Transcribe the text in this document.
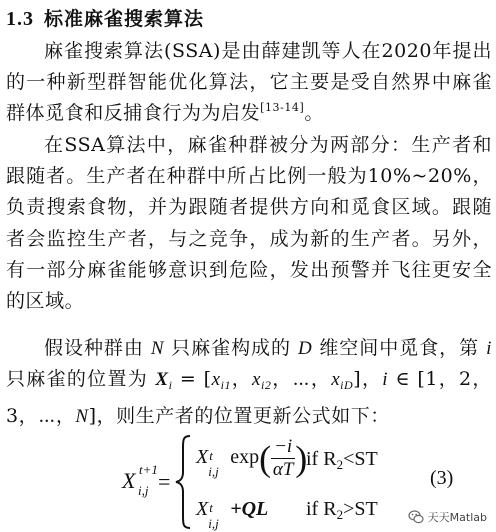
1.3 标准麻雀搜索算法
麻雀搜索算法(SSA)是由薛建凯等人在2020年提出的一种新型群智能优化算法，它主要是受自然界中麻雀群体觅食和反捕食行为为启发[13-14]。
在SSA算法中，麻雀种群被分为两部分：生产者和跟随者。生产者在种群中所占比例一般为10%~20%，负责搜索食物，并为跟随者提供方向和觅食区域。跟随者会监控生产者，与之竞争，成为新的生产者。另外，有一部分麻雀能够意识到危险，发出预警并飞往更安全的区域。
假设种群由 N 只麻雀构成的 D 维空间中觅食，第 i 只麻雀的位置为 $X_i = [x_{i1}$，$x_{i2}$，⋯，$x_{iD}$]，i ∈ [1，2，3，⋯，N]，则生产者的位置更新公式如下：
X t+1
i,j =
X t
i,j
$\exp( \frac{-i}{\alpha T}$ )
if $R_2<ST$
X t
i,j
+QL if $R_2>ST$
(3)
天天Matlab
